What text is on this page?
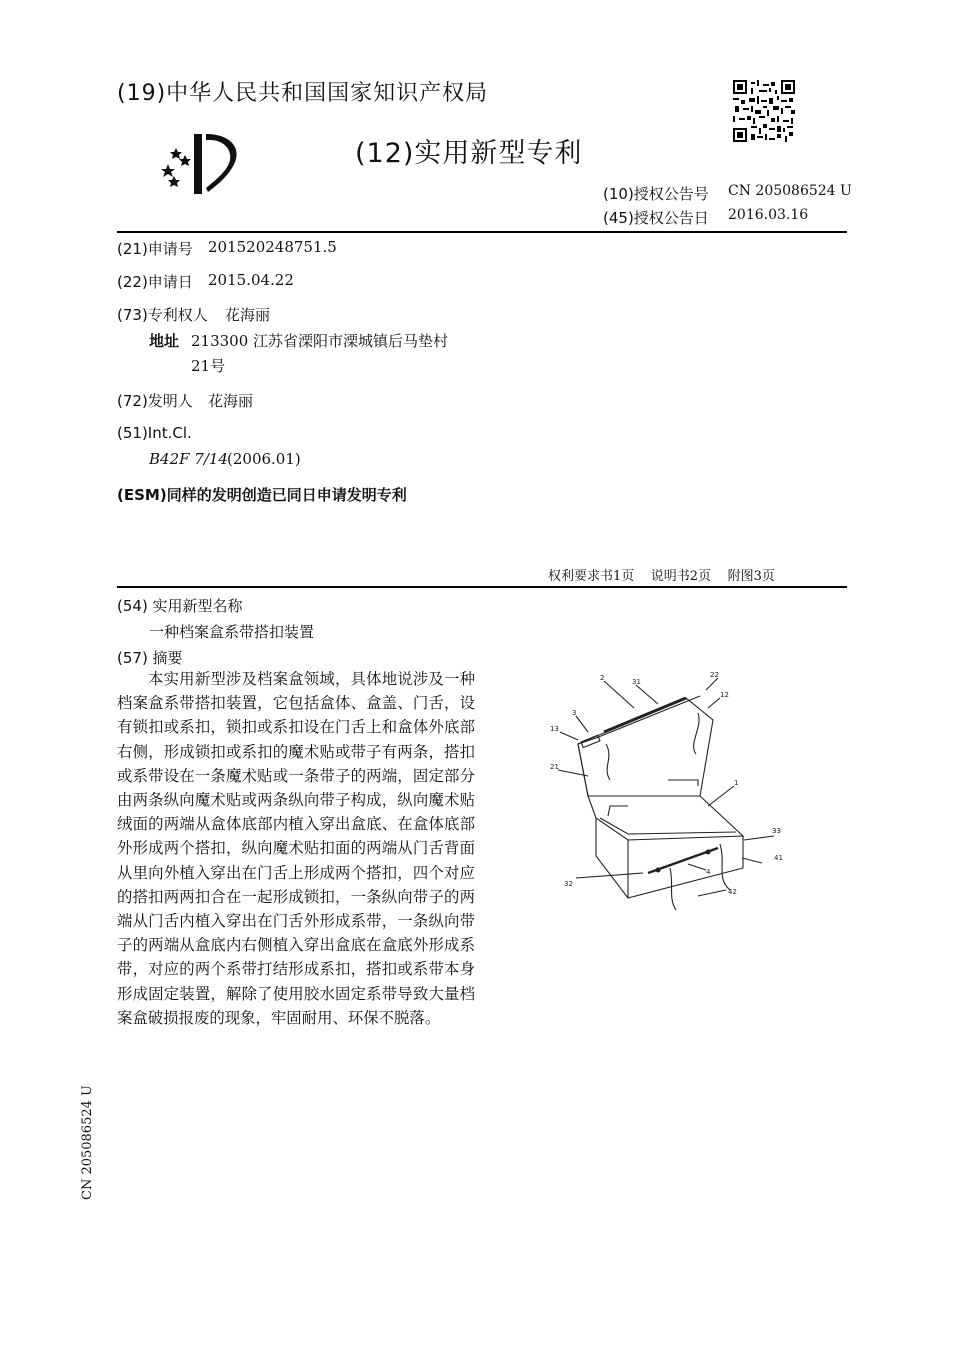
(19)中华人民共和国国家知识产权局
(12)实用新型专利
(10)授权公告号 CN 205086524 U
(45)授权公告日 2016.03.16
(21)申请号 201520248751.5
(22)申请日 2015.04.22
(73)专利权人 花海丽
地址 213300 江苏省溧阳市溧城镇后马垫村
21号
(72)发明人 花海丽
(51)Int.Cl.
B42F 7/14 (2006.01)
(ESM)同样的发明创造已同日申请发明专利
权利要求书1页    说明书2页    附图3页
(54) 实用新型名称
一种档案盒系带搭扣装置
(57) 摘要
本实用新型涉及档案盒领域，具体地说涉及一种档案盒系带搭扣装置，它包括盒体、盒盖、门舌，设有锁扣或系扣，锁扣或系扣设在门舌上和盒体外底部右侧，形成锁扣或系扣的魔术贴或带子有两条，搭扣或系带设在一条魔术贴或一条带子的两端，固定部分由两条纵向魔术贴或两条纵向带子构成，纵向魔术贴绒面的两端从盒体底部内植入穿出盒底、在盒体底部外形成两个搭扣，纵向魔术贴扣面的两端从门舌背面从里向外植入穿出在门舌上形成两个搭扣，四个对应的搭扣两两扣合在一起形成锁扣，一条纵向带子的两端从门舌内植入穿出在门舌外形成系带，一条纵向带子的两端从盒底内右侧植入穿出盒底在盒底外形成系带，对应的两个系带打结形成系扣，搭扣或系带本身形成固定装置，解除了使用胶水固定系带导致大量档案盒破损报废的现象，牢固耐用、环保不脱落。
2	31
22
12
3
13
21
1
33
41
4
42
32
CN 205086524 U
